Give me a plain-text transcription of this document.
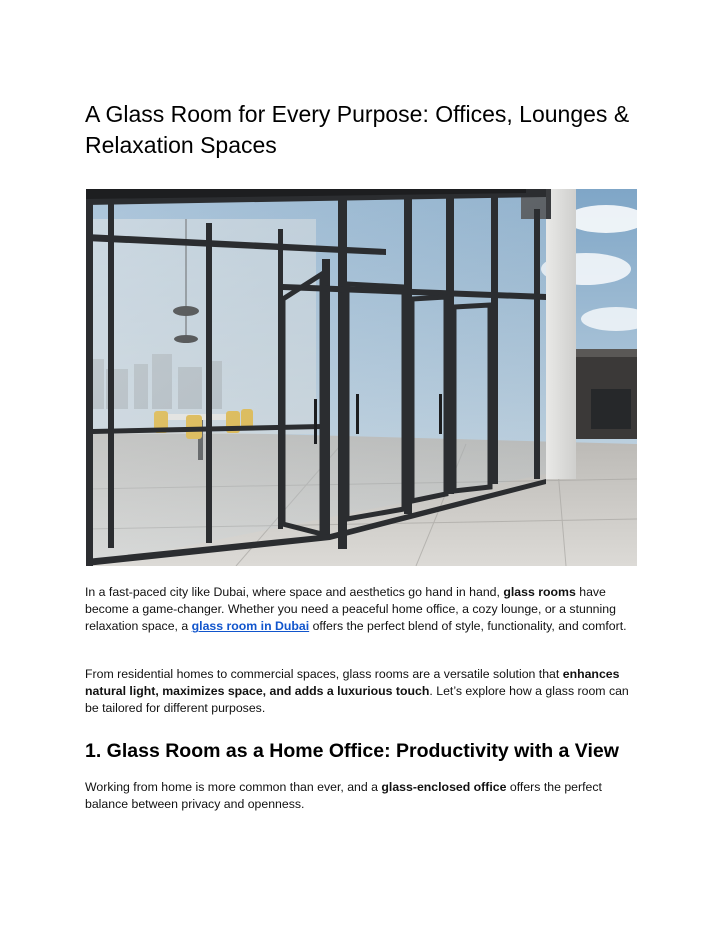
A Glass Room for Every Purpose: Offices, Lounges & Relaxation Spaces

In a fast-paced city like Dubai, where space and aesthetics go hand in hand, glass rooms have become a game-changer. Whether you need a peaceful home office, a cozy lounge, or a stunning relaxation space, a glass room in Dubai offers the perfect blend of style, functionality, and comfort.

From residential homes to commercial spaces, glass rooms are a versatile solution that enhances natural light, maximizes space, and adds a luxurious touch. Let’s explore how a glass room can be tailored for different purposes.

1. Glass Room as a Home Office: Productivity with a View

Working from home is more common than ever, and a glass-enclosed office offers the perfect balance between privacy and openness.
